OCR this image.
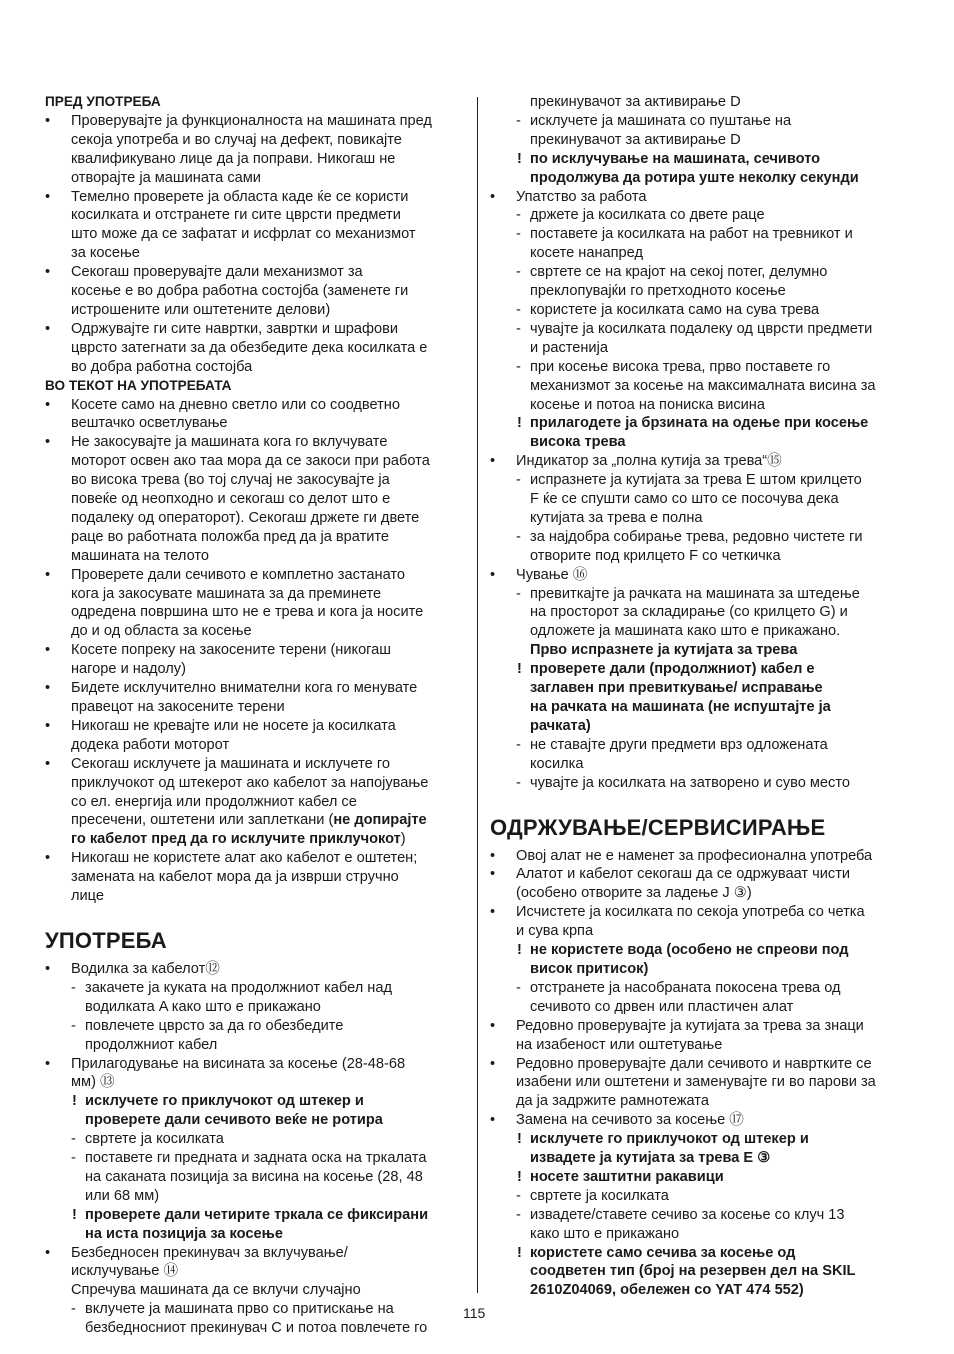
ПРЕД УПОТРЕБА
• Проверувајте ја функционалноста на машината пред
секоја употреба и во случај на дефект, повикајте
квалификувано лице да ја поправи. Никогаш не
отворајте ја машината сами
• Темелно проверете ја областа каде ќе се користи
косилката и отстранете ги сите цврсти предмети
што може да се зафатат и исфрлат со механизмот
за косење
• Секогаш проверувајте дали механизмот за
косење е во добра работна состојба (заменете ги
истрошените или оштетените делови)
• Одржувајте ги сите навртки, завртки и шрафови
цврсто затегнати за да обезбедите дека косилката е
во добра работна состојба
ВО ТЕКОТ НА УПОТРЕБАТА
• Косете само на дневно светло или со соодветно
вештачко осветлување
• Не закосувајте ја машината кога го вклучувате
моторот освен ако таа мора да се закоси при работа
во висока трева (во тој случај не закосувајте ја
повеќе од неопходно и секогаш со делот што е
подалеку од операторот). Секогаш држете ги двете
раце во работната положба пред да ја вратите
машината на телото
• Проверете дали сечивото е комплетно застанато
кога ја закосувате машината за да преминете
одредена површина што не е трева и кога ја носите
до и од областа за косење
• Косете попреку на закосените терени (никогаш
нагоре и надолу)
• Бидете исклучително внимателни кога го менувате
правецот на закосените терени
• Никогаш не кревајте или не носете ја косилката
додека работи моторот
• Секогаш исклучете ја машината и исклучете го
приклучокот од штекерот ако кабелот за напојување
со ел. енергија или продолжниот кабел се
пресечени, оштетени или заплеткани (не допирајте
го кабелот пред да го исклучите приклучокот)
• Никогаш не користете алат ако кабелот е оштетен;
замената на кабелот мора да ја изврши стручно
лице
УПОТРЕБА
• Водилка за кабелот⑫
- закачете ја куката на продолжниот кабел над
водилката A како што е прикажано
- повлечете цврсто за да го обезбедите
продолжниот кабел
• Прилагодување на висината за косење (28-48-68
мм) ⑬
! исклучете го приклучокот од штекер и
проверете дали сечивото веќе не ротира
- свртете ја косилката
- поставете ги предната и задната оска на тркалата
на саканата позиција за висина на косење (28, 48
или 68 мм)
! проверете дали четирите тркала се фиксирани
на иста позиција за косење
• Безбедносен прекинувач за вклучување/
исклучување ⑭
Спречува машината да се вклучи случајно
- вклучете ја машината прво со притискање на
безбедносниот прекинувач C и потоа повлечете го
прекинувачот за активирање D
- исклучете ја машината со пуштање на
прекинувачот за активирање D
! по исклучување на машината, сечивото
продолжува да ротира уште неколку секунди
• Упатство за работа
- држете ја косилката со двете раце
- поставете ја косилката на работ на тревникот и
косете нанапред
- свртете се на крајот на секој потег, делумно
преклопувајќи го претходното косење
- користете ја косилката само на сува трева
- чувајте ја косилката подалеку од цврсти предмети
и растенија
- при косење висока трева, прво поставете го
механизмот за косење на максималната висина за
косење и потоа на пониска висина
! прилагодете ја брзината на одење при косење
висока трева
• Индикатор за „полна кутија за трева“⑮
- испразнете ја кутијата за трева E штом крилцето
F ќе се спушти само со што се посочува дека
кутијата за трева е полна
- за најдобра собирање трева, редовно чистете ги
отворите под крилцето F со четкичка
• Чување ⑯
- превиткајте ја рачката на машината за штедење
на просторот за складирање (со крилцето G) и
одложете ја машината како што е прикажано.
Прво испразнете ја кутијата за трева
! проверете дали (продолжниот) кабел е
заглавен при превиткување/ исправање
на рачката на машината (не испуштајте ја
рачката)
- не ставајте други предмети врз одложената
косилка
- чувајте ја косилката на затворено и суво место
ОДРЖУВАЊЕ/СЕРВИСИРАЊЕ
• Овој алат не е наменет за професионална употреба
• Алатот и кабелот секогаш да се одржуваат чисти
(особено отворите за ладење J ③)
• Исчистете ја косилката по секоја употреба со четка
и сува крпа
! не користете вода (особено не спреови под
висок притисок)
- отстранете ја насобраната покосена трева од
сечивото со дрвен или пластичен алат
• Редовно проверувајте ја кутијата за трева за знаци
на изабеност или оштетување
• Редовно проверувајте дали сечивото и навртките се
изабени или оштетени и заменувајте ги во парови за
да ја задржите рамнотежата
• Замена на сечивото за косење ⑰
! исклучете го приклучокот од штекер и
извадете ја кутијата за трева E ③
! носете заштитни ракавици
- свртете ја косилката
- извадете/ставете сечиво за косење со клуч 13
како што е прикажано
! користете само сечива за косење од
соодветен тип (број на резервен дел на SKIL
2610Z04069, обележен со YAT 474 552)
115
